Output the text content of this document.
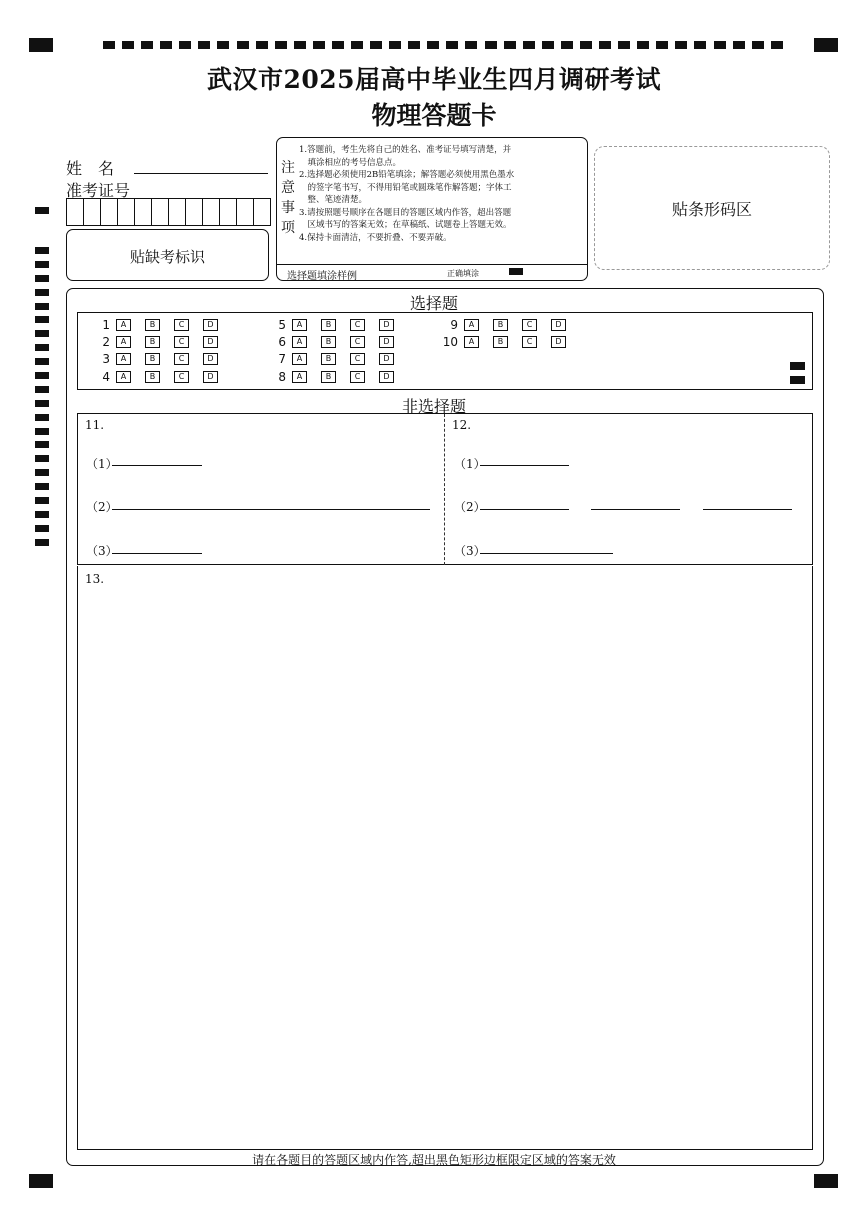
武汉市2025届高中毕业生四月调研考试
物理答题卡
姓　名
准考证号
贴缺考标识
注
意
事
项
1.答题前，考生先将自己的姓名、准考证号填写清楚，并
　填涂相应的考号信息点。
2.选择题必须使用2B铅笔填涂；解答题必须使用黑色墨水
　的签字笔书写，不得用铅笔或圆珠笔作解答题；字体工
　整、笔迹清楚。
3.请按照题号顺序在各题目的答题区域内作答，超出答题
　区域书写的答案无效；在草稿纸、试题卷上答题无效。
4.保持卡面清洁，不要折叠、不要弄破。
选择题填涂样例	正确填涂
贴条形码区
选择题
1	A	B	C	D
2	A	B	C	D
3	A	B	C	D
4	A	B	C	D
5	A	B	C	D
6	A	B	C	D
7	A	B	C	D
8	A	B	C	D
9	A	B	C	D
10	A	B	C	D
非选择题
11.
（1）
（2）
（3）
12.
（1）
（2）
（3）
13.
请在各题目的答题区域内作答,超出黑色矩形边框限定区域的答案无效
